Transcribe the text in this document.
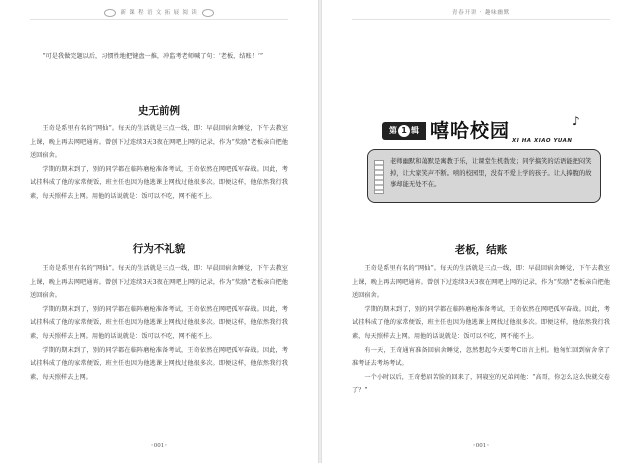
新 课 程 语 文 拓 展 阅 读

“可是我做完题以后，习惯性地把键盘一推，冲监考老师喊了句：‘老板，结账！’”

史无前例

王奇是系里有名的“网仙”。每天的生活就是三点一线，即：早晨回宿舍睡觉，下午去教室上课，晚上再去网吧通宵。曾创下过连续3天3夜在网吧上网的记录，作为“奖励”老板亲自把他送回宿舍。

学期的期末到了，别的同学都在临阵磨枪准备考试，王奇依然在网吧孤军奋战。因此，考试挂科成了他的家常便饭，班主任也因为他逃课上网找过他很多次。即便这样，他依然我行我素，每天照样去上网。用他的话说就是：饭可以不吃，网不能不上。

行为不礼貌

王奇是系里有名的“网仙”。每天的生活就是三点一线，即：早晨回宿舍睡觉，下午去教室上课，晚上再去网吧通宵。曾创下过连续3天3夜在网吧上网的记录，作为“奖励”老板亲自把他送回宿舍。

学期的期末到了，别的同学都在临阵磨枪准备考试，王奇依然在网吧孤军奋战。因此，考试挂科成了他的家常便饭，班主任也因为他逃课上网找过他很多次。即便这样，他依然我行我素，每天照样去上网。用他的话说就是：饭可以不吃，网不能不上。

学期的期末到了，别的同学都在临阵磨枪准备考试，王奇依然在网吧孤军奋战。因此，考试挂科成了他的家常便饭，班主任也因为他逃课上网找过他很多次。即便这样，他依然我行我素，每天照样去上网。

◦001◦
青春开讲 · 趣味幽默
第 1 辑 嘻哈校园	♪
XI HA XIAO YUAN
老师幽默和蔼默是寓教于乐，让课堂生机勃发；同学搞笑的话语能把闷笑掉，让大家笑声不断。嘻的校园里，没有不爱上学的孩子。让人捧腹的故事却能无处不在。
老板，结账

王奇是系里有名的“网仙”。每天的生活就是三点一线，即：早晨回宿舍睡觉，下午去教室上课，晚上再去网吧通宵。曾创下过连续3天3夜在网吧上网的记录，作为“奖励”老板亲自把他送回宿舍。

学期的期末到了，别的同学都在临阵磨枪准备考试，王奇依然在网吧孤军奋战。因此，考试挂科成了他的家常便饭，班主任也因为他逃课上网找过他很多次。即便这样，他依然我行我素，每天照样去上网。用他的话说就是：饭可以不吃，网不能不上。

有一天，王奇通宵准备回宿舍睡觉，忽然想起今天要考C语言上机。他匆忙回到宿舍拿了准考证去考场考试。

一个小时以后，王奇愁眉苦脸的回来了，同寝室的兄弟问他：“高哥，你怎么这么快就交卷了？”

◦001◦
